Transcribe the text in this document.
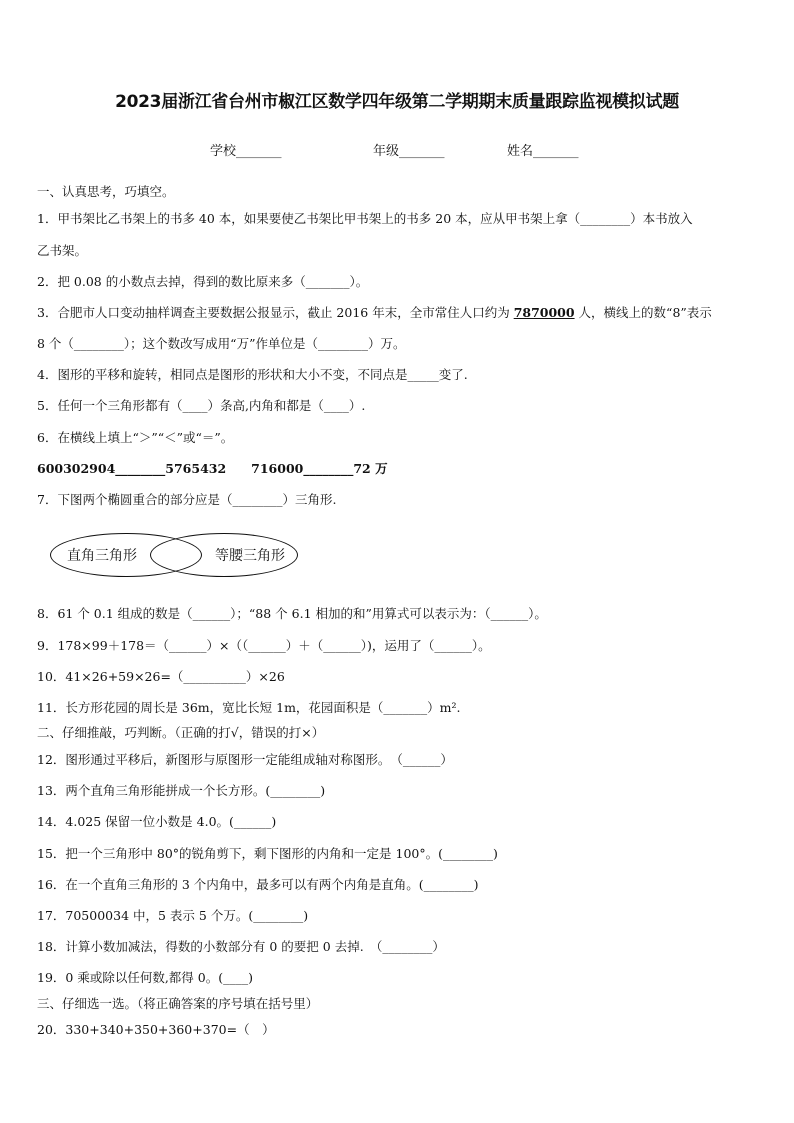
2023届浙江省台州市椒江区数学四年级第二学期期末质量跟踪监视模拟试题
学校_______	年级_______	姓名_______
一、认真思考，巧填空。
1．甲书架比乙书架上的书多 40 本，如果要使乙书架比甲书架上的书多 20 本，应从甲书架上拿（________）本书放入
乙书架。
2．把 0.08 的小数点去掉，得到的数比原来多（_______）。
3．合肥市人口变动抽样调查主要数据公报显示，截止 2016 年末，全市常住人口约为 7870000 人，横线上的数“8”表示
8 个（________）；这个数改写成用“万”作单位是（________）万。
4．图形的平移和旋转，相同点是图形的形状和大小不变，不同点是_____变了.
5．任何一个三角形都有（____）条高,内角和都是（____）.
6．在横线上填上“＞”“＜”或“＝”。
600302904________5765432　　716000________72 万
7．下图两个椭圆重合的部分应是（________）三角形.
直角三角形	等腰三角形
8．61 个 0.1 组成的数是（______）；“88 个 6.1 相加的和”用算式可以表示为：（______）。
9．178×99＋178＝（______）×（（______）＋（______）)，运用了（______）。
10．41×26+59×26=（__________）×26
11．长方形花园的周长是 36m，宽比长短 1m，花园面积是（_______）m².
二、仔细推敲，巧判断。（正确的打√，错误的打×）
12．图形通过平移后，新图形与原图形一定能组成轴对称图形。　（______）
13．两个直角三角形能拼成一个长方形。(________)
14．4.025 保留一位小数是 4.0。(______)
15．把一个三角形中 80°的锐角剪下，剩下图形的内角和一定是 100°。(________)
16．在一个直角三角形的 3 个内角中，最多可以有两个内角是直角。(________)
17．70500034 中，5 表示 5 个万。(________)
18．计算小数加减法，得数的小数部分有 0 的要把 0 去掉.　（________）
19．0 乘或除以任何数,都得 0。(____)
三、仔细选一选。（将正确答案的序号填在括号里）
20．330+340+350+360+370=（　）
